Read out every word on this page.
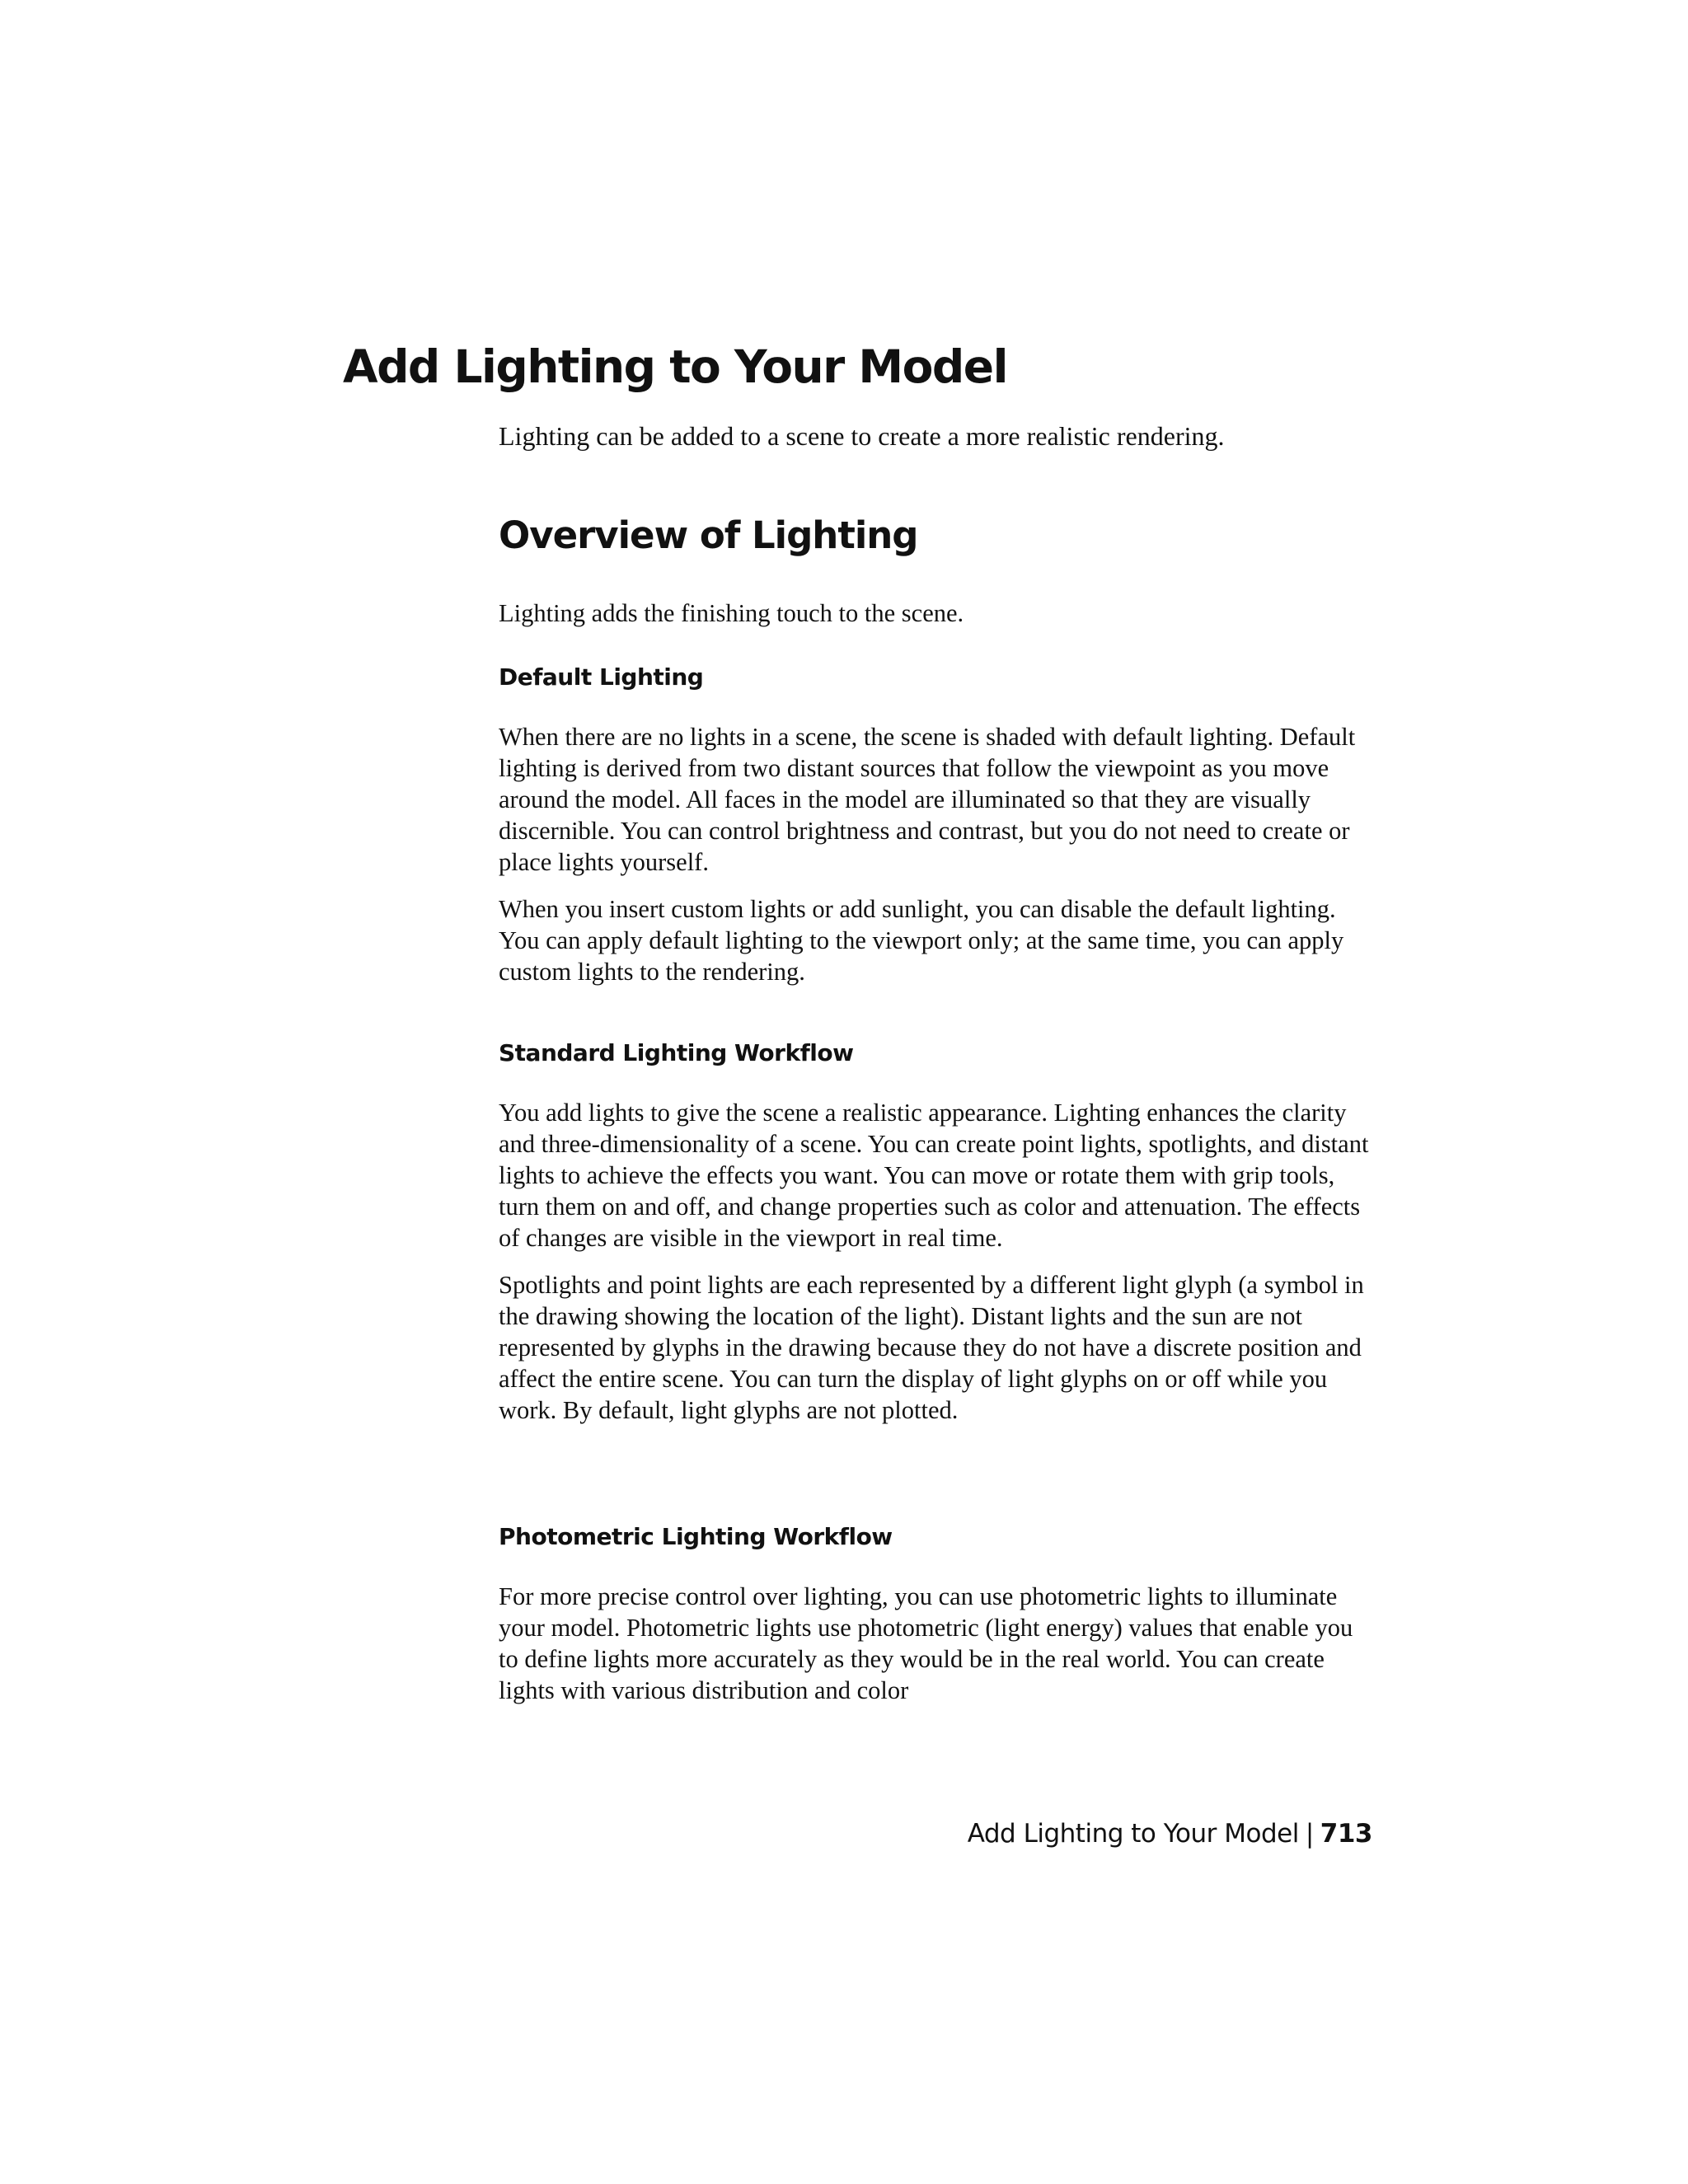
Add Lighting to Your Model

Lighting can be added to a scene to create a more realistic rendering.

Overview of Lighting

Lighting adds the finishing touch to the scene.

Default Lighting

When there are no lights in a scene, the scene is shaded with default lighting. Default lighting is derived from two distant sources that follow the viewpoint as you move around the model. All faces in the model are illuminated so that they are visually discernible. You can control brightness and contrast, but you do not need to create or place lights yourself.

When you insert custom lights or add sunlight, you can disable the default lighting. You can apply default lighting to the viewport only; at the same time, you can apply custom lights to the rendering.

Standard Lighting Workflow

You add lights to give the scene a realistic appearance. Lighting enhances the clarity and three-dimensionality of a scene. You can create point lights, spotlights, and distant lights to achieve the effects you want. You can move or rotate them with grip tools, turn them on and off, and change properties such as color and attenuation. The effects of changes are visible in the viewport in real time.

Spotlights and point lights are each represented by a different light glyph (a symbol in the drawing showing the location of the light). Distant lights and the sun are not represented by glyphs in the drawing because they do not have a discrete position and affect the entire scene. You can turn the display of light glyphs on or off while you work. By default, light glyphs are not plotted.

Photometric Lighting Workflow

For more precise control over lighting, you can use photometric lights to illuminate your model. Photometric lights use photometric (light energy) values that enable you to define lights more accurately as they would be in the real world. You can create lights with various distribution and color

Add Lighting to Your Model | 713
